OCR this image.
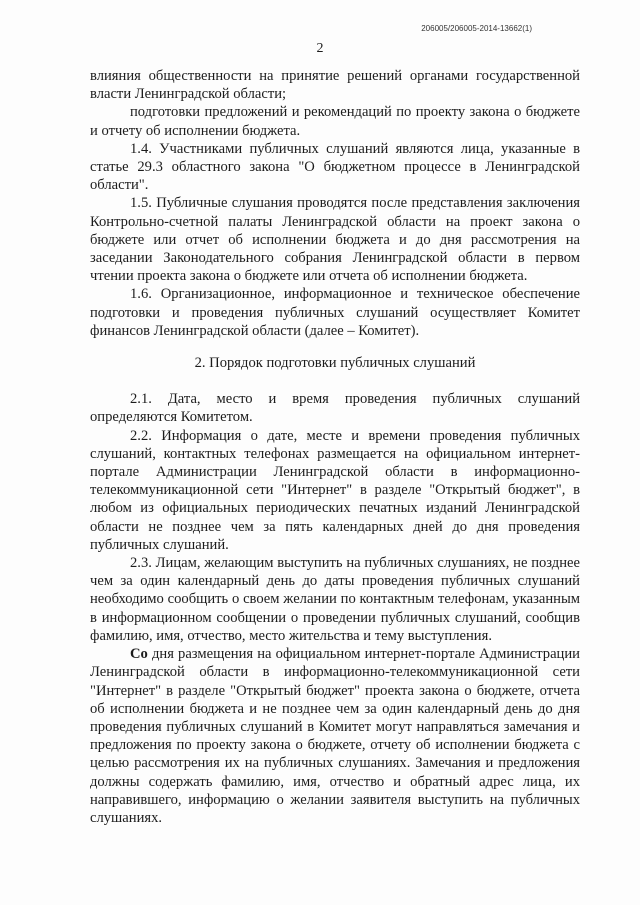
206005/206005-2014-13662(1)
2

влияния общественности на принятие решений органами государственной власти Ленинградской области;

подготовки предложений и рекомендаций по проекту закона о бюджете и отчету об исполнении бюджета.

1.4. Участниками публичных слушаний являются лица, указанные в статье 29.3 областного закона "О бюджетном процессе в Ленинградской области".

1.5. Публичные слушания проводятся после представления заключения Контрольно-счетной палаты Ленинградской области на проект закона о бюджете или отчет об исполнении бюджета и до дня рассмотрения на заседании Законодательного собрания Ленинградской области в первом чтении проекта закона о бюджете или отчета об исполнении бюджета.

1.6. Организационное, информационное и техническое обеспечение подготовки и проведения публичных слушаний осуществляет Комитет финансов Ленинградской области (далее – Комитет).

2. Порядок подготовки публичных слушаний

2.1. Дата, место и время проведения публичных слушаний определяются Комитетом.

2.2. Информация о дате, месте и времени проведения публичных слушаний, контактных телефонах размещается на официальном интернет-портале Администрации Ленинградской области в информационно-телекоммуникационной сети "Интернет" в разделе "Открытый бюджет", в любом из официальных периодических печатных изданий Ленинградской области не позднее чем за пять календарных дней до дня проведения публичных слушаний.

2.3. Лицам, желающим выступить на публичных слушаниях, не позднее чем за один календарный день до даты проведения публичных слушаний необходимо сообщить о своем желании по контактным телефонам, указанным в информационном сообщении о проведении публичных слушаний, сообщив фамилию, имя, отчество, место жительства и тему выступления.

Со дня размещения на официальном интернет-портале Администрации Ленинградской области в информационно-телекоммуникационной сети "Интернет" в разделе "Открытый бюджет" проекта закона о бюджете, отчета об исполнении бюджета и не позднее чем за один календарный день до дня проведения публичных слушаний в Комитет могут направляться замечания и предложения по проекту закона о бюджете, отчету об исполнении бюджета с целью рассмотрения их на публичных слушаниях. Замечания и предложения должны содержать фамилию, имя, отчество и обратный адрес лица, их направившего, информацию о желании заявителя выступить на публичных слушаниях.
